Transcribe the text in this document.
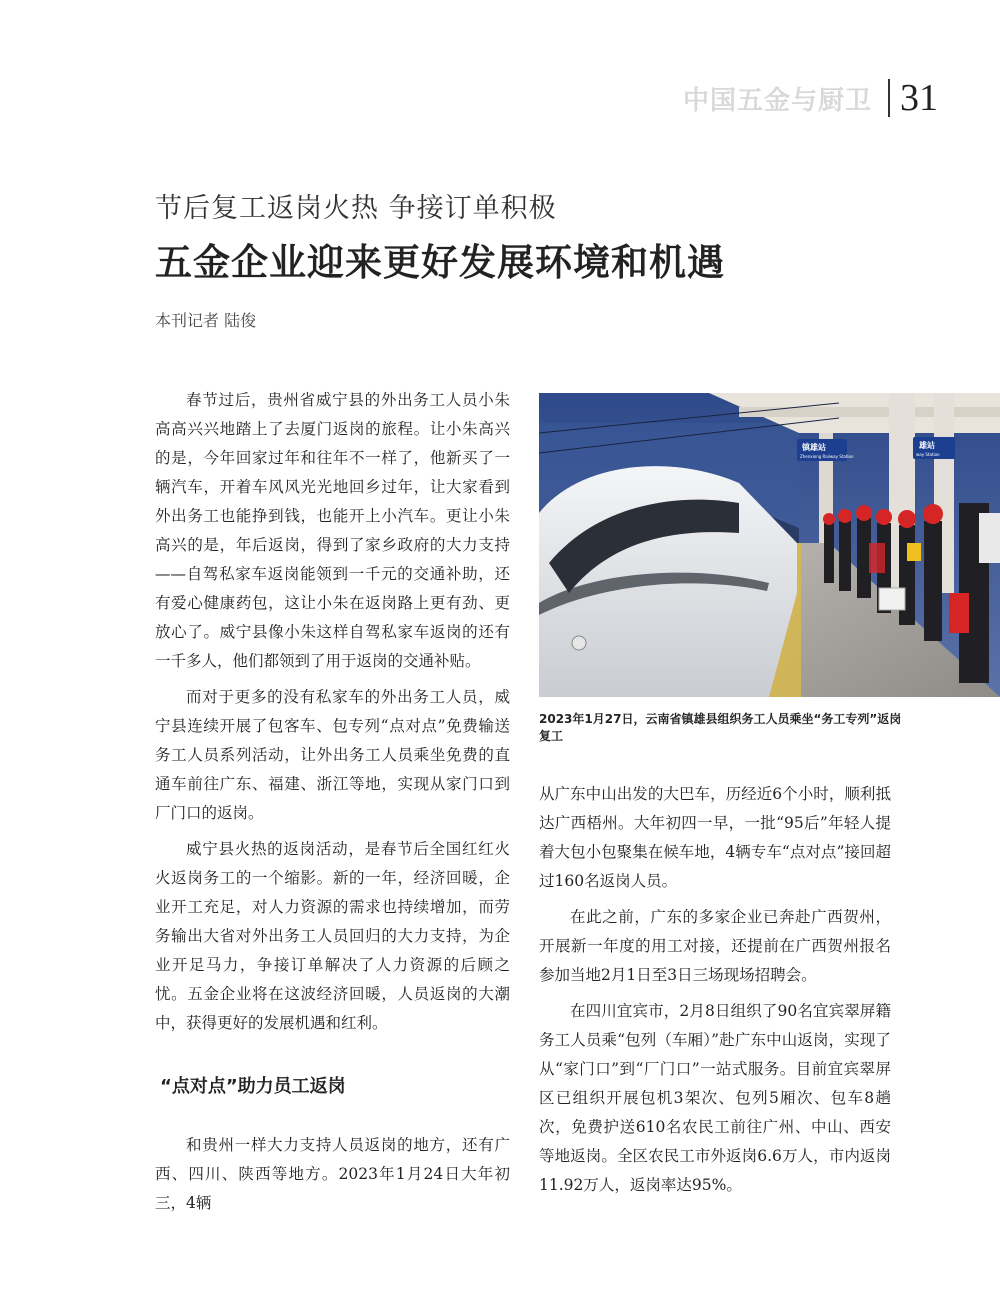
中国五金与厨卫 31
节后复工返岗火热 争接订单积极
五金企业迎来更好发展环境和机遇
本刊记者 陆俊

春节过后，贵州省威宁县的外出务工人员小朱高高兴兴地踏上了去厦门返岗的旅程。让小朱高兴的是，今年回家过年和往年不一样了，他新买了一辆汽车，开着车风风光光地回乡过年，让大家看到外出务工也能挣到钱，也能开上小汽车。更让小朱高兴的是，年后返岗，得到了家乡政府的大力支持——自驾私家车返岗能领到一千元的交通补助，还有爱心健康药包，这让小朱在返岗路上更有劲、更放心了。威宁县像小朱这样自驾私家车返岗的还有一千多人，他们都领到了用于返岗的交通补贴。

而对于更多的没有私家车的外出务工人员，威宁县连续开展了包客车、包专列“点对点”免费输送务工人员系列活动，让外出务工人员乘坐免费的直通车前往广东、福建、浙江等地，实现从家门口到厂门口的返岗。

威宁县火热的返岗活动，是春节后全国红红火火返岗务工的一个缩影。新的一年，经济回暖，企业开工充足，对人力资源的需求也持续增加，而劳务输出大省对外出务工人员回归的大力支持，为企业开足马力，争接订单解决了人力资源的后顾之忧。五金企业将在这波经济回暖，人员返岗的大潮中，获得更好的发展机遇和红利。

“点对点”助力员工返岗

和贵州一样大力支持人员返岗的地方，还有广西、四川、陕西等地方。2023年1月24日大年初三，4辆

镇雄站
Zhenxiong Railway Station
雄站
way Station
2023年1月27日，云南省镇雄县组织务工人员乘坐“务工专列”返岗复工

从广东中山出发的大巴车，历经近6个小时，顺利抵达广西梧州。大年初四一早，一批“95后”年轻人提着大包小包聚集在候车地，4辆专车“点对点”接回超过160名返岗人员。

在此之前，广东的多家企业已奔赴广西贺州，开展新一年度的用工对接，还提前在广西贺州报名参加当地2月1日至3日三场现场招聘会。

在四川宜宾市，2月8日组织了90名宜宾翠屏籍务工人员乘“包列（车厢）”赴广东中山返岗，实现了从“家门口”到“厂门口”一站式服务。目前宜宾翠屏区已组织开展包机3架次、包列5厢次、包车8趟次，免费护送610名农民工前往广州、中山、西安等地返岗。全区农民工市外返岗6.6万人，市内返岗11.92万人，返岗率达95%。
